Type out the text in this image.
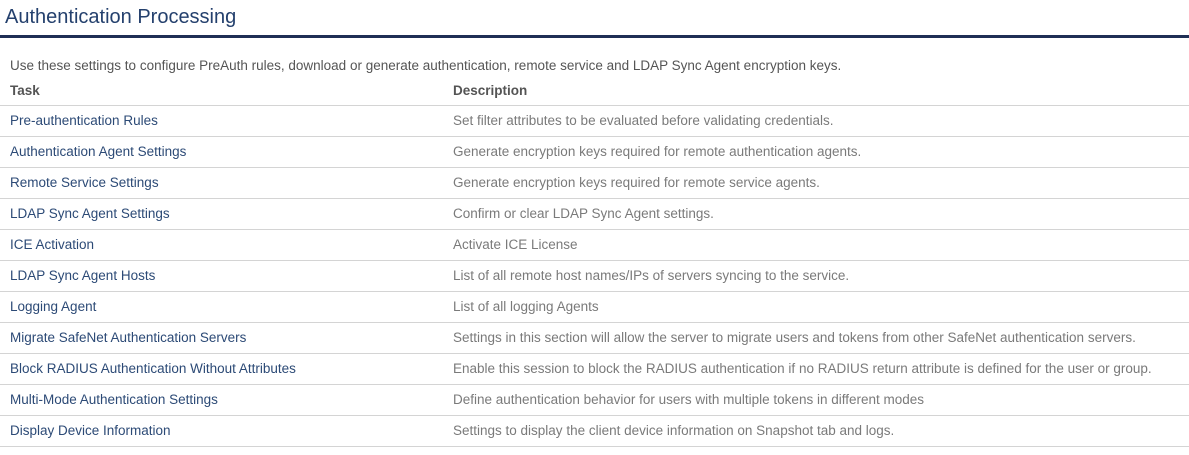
Authentication Processing

Use these settings to configure PreAuth rules, download or generate authentication, remote service and LDAP Sync Agent encryption keys.

Task	Description
Pre-authentication Rules	Set filter attributes to be evaluated before validating credentials.
Authentication Agent Settings	Generate encryption keys required for remote authentication agents.
Remote Service Settings	Generate encryption keys required for remote service agents.
LDAP Sync Agent Settings	Confirm or clear LDAP Sync Agent settings.
ICE Activation	Activate ICE License
LDAP Sync Agent Hosts	List of all remote host names/IPs of servers syncing to the service.
Logging Agent	List of all logging Agents
Migrate SafeNet Authentication Servers	Settings in this section will allow the server to migrate users and tokens from other SafeNet authentication servers.
Block RADIUS Authentication Without Attributes	Enable this session to block the RADIUS authentication if no RADIUS return attribute is defined for the user or group.
Multi-Mode Authentication Settings	Define authentication behavior for users with multiple tokens in different modes
Display Device Information	Settings to display the client device information on Snapshot tab and logs.
